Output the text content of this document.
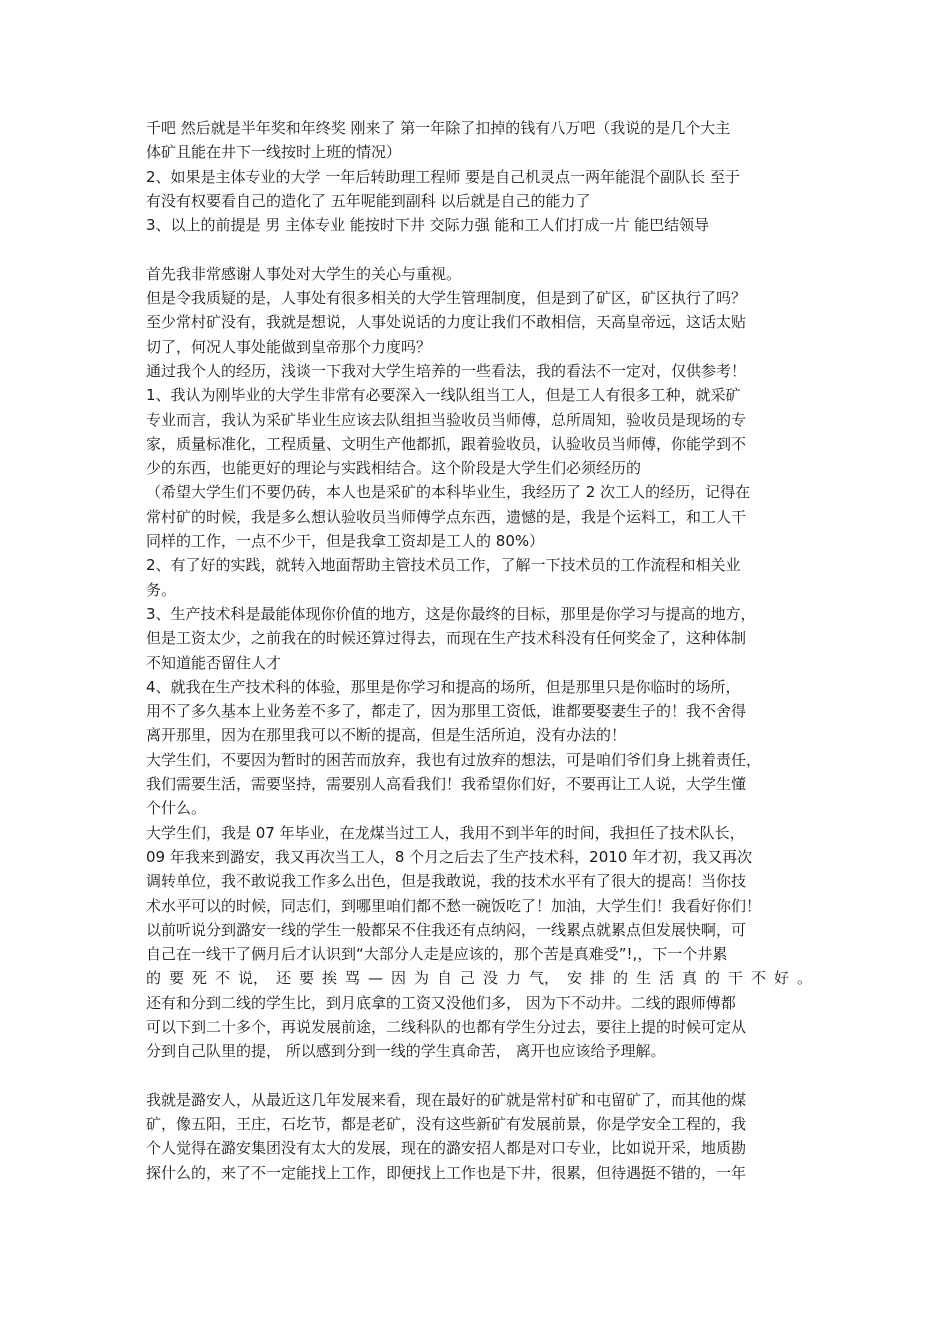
千吧 然后就是半年奖和年终奖 刚来了 第一年除了扣掉的钱有八万吧（我说的是几个大主
体矿且能在井下一线按时上班的情况）
2、如果是主体专业的大学 一年后转助理工程师 要是自己机灵点一两年能混个副队长 至于
有没有权要看自己的造化了 五年呢能到副科 以后就是自己的能力了
3、以上的前提是 男 主体专业 能按时下井 交际力强 能和工人们打成一片 能巴结领导
首先我非常感谢人事处对大学生的关心与重视。
但是令我质疑的是，人事处有很多相关的大学生管理制度，但是到了矿区，矿区执行了吗？
至少常村矿没有，我就是想说，人事处说话的力度让我们不敢相信，天高皇帝远，这话太贴
切了，何况人事处能做到皇帝那个力度吗？
通过我个人的经历，浅谈一下我对大学生培养的一些看法，我的看法不一定对，仅供参考！
1、我认为刚毕业的大学生非常有必要深入一线队组当工人，但是工人有很多工种，就采矿
专业而言，我认为采矿毕业生应该去队组担当验收员当师傅，总所周知，验收员是现场的专
家，质量标准化，工程质量、文明生产他都抓，跟着验收员，认验收员当师傅，你能学到不
少的东西，也能更好的理论与实践相结合。这个阶段是大学生们必须经历的
（希望大学生们不要仍砖，本人也是采矿的本科毕业生，我经历了 2 次工人的经历，记得在
常村矿的时候，我是多么想认验收员当师傅学点东西，遗憾的是，我是个运料工，和工人干
同样的工作，一点不少干，但是我拿工资却是工人的 80%）
2、有了好的实践，就转入地面帮助主管技术员工作，了解一下技术员的工作流程和相关业
务。
3、生产技术科是最能体现你价值的地方，这是你最终的目标，那里是你学习与提高的地方，
但是工资太少，之前我在的时候还算过得去，而现在生产技术科没有任何奖金了，这种体制
不知道能否留住人才
4、就我在生产技术科的体验，那里是你学习和提高的场所，但是那里只是你临时的场所，
用不了多久基本上业务差不多了，都走了，因为那里工资低，谁都要娶妻生子的！我不舍得
离开那里，因为在那里我可以不断的提高，但是生活所迫，没有办法的！
大学生们，不要因为暂时的困苦而放弃，我也有过放弃的想法，可是咱们爷们身上挑着责任，
我们需要生活，需要坚持，需要别人高看我们！我希望你们好，不要再让工人说，大学生懂
个什么。
大学生们，我是 07 年毕业，在龙煤当过工人，我用不到半年的时间，我担任了技术队长，
09 年我来到潞安，我又再次当工人，8 个月之后去了生产技术科，2010 年才初，我又再次
调转单位，我不敢说我工作多么出色，但是我敢说，我的技术水平有了很大的提高！当你技
术水平可以的时候，同志们，到哪里咱们都不愁一碗饭吃了！加油，大学生们！我看好你们！
以前听说分到潞安一线的学生一般都呆不住我还有点纳闷，一线累点就累点但发展快啊，可
自己在一线干了俩月后才认识到“大部分人走是应该的，那个苦是真难受”!,，下一个井累
的 要 死 不 说， 还 要 挨 骂 — 因 为 自 己 没 力 气， 安 排 的 生 活 真 的 干 不 好 。
还有和分到二线的学生比，到月底拿的工资又没他们多， 因为下不动井。二线的跟师傅都
可以下到二十多个，再说发展前途，二线科队的也都有学生分过去，要往上提的时候可定从
分到自己队里的提， 所以感到分到一线的学生真命苦， 离开也应该给予理解。
我就是潞安人，从最近这几年发展来看，现在最好的矿就是常村矿和屯留矿了，而其他的煤
矿，像五阳，王庄，石圪节，都是老矿，没有这些新矿有发展前景，你是学安全工程的，我
个人觉得在潞安集团没有太大的发展，现在的潞安招人都是对口专业，比如说开采，地质勘
探什么的，来了不一定能找上工作，即便找上工作也是下井，很累，但待遇挺不错的，一年
